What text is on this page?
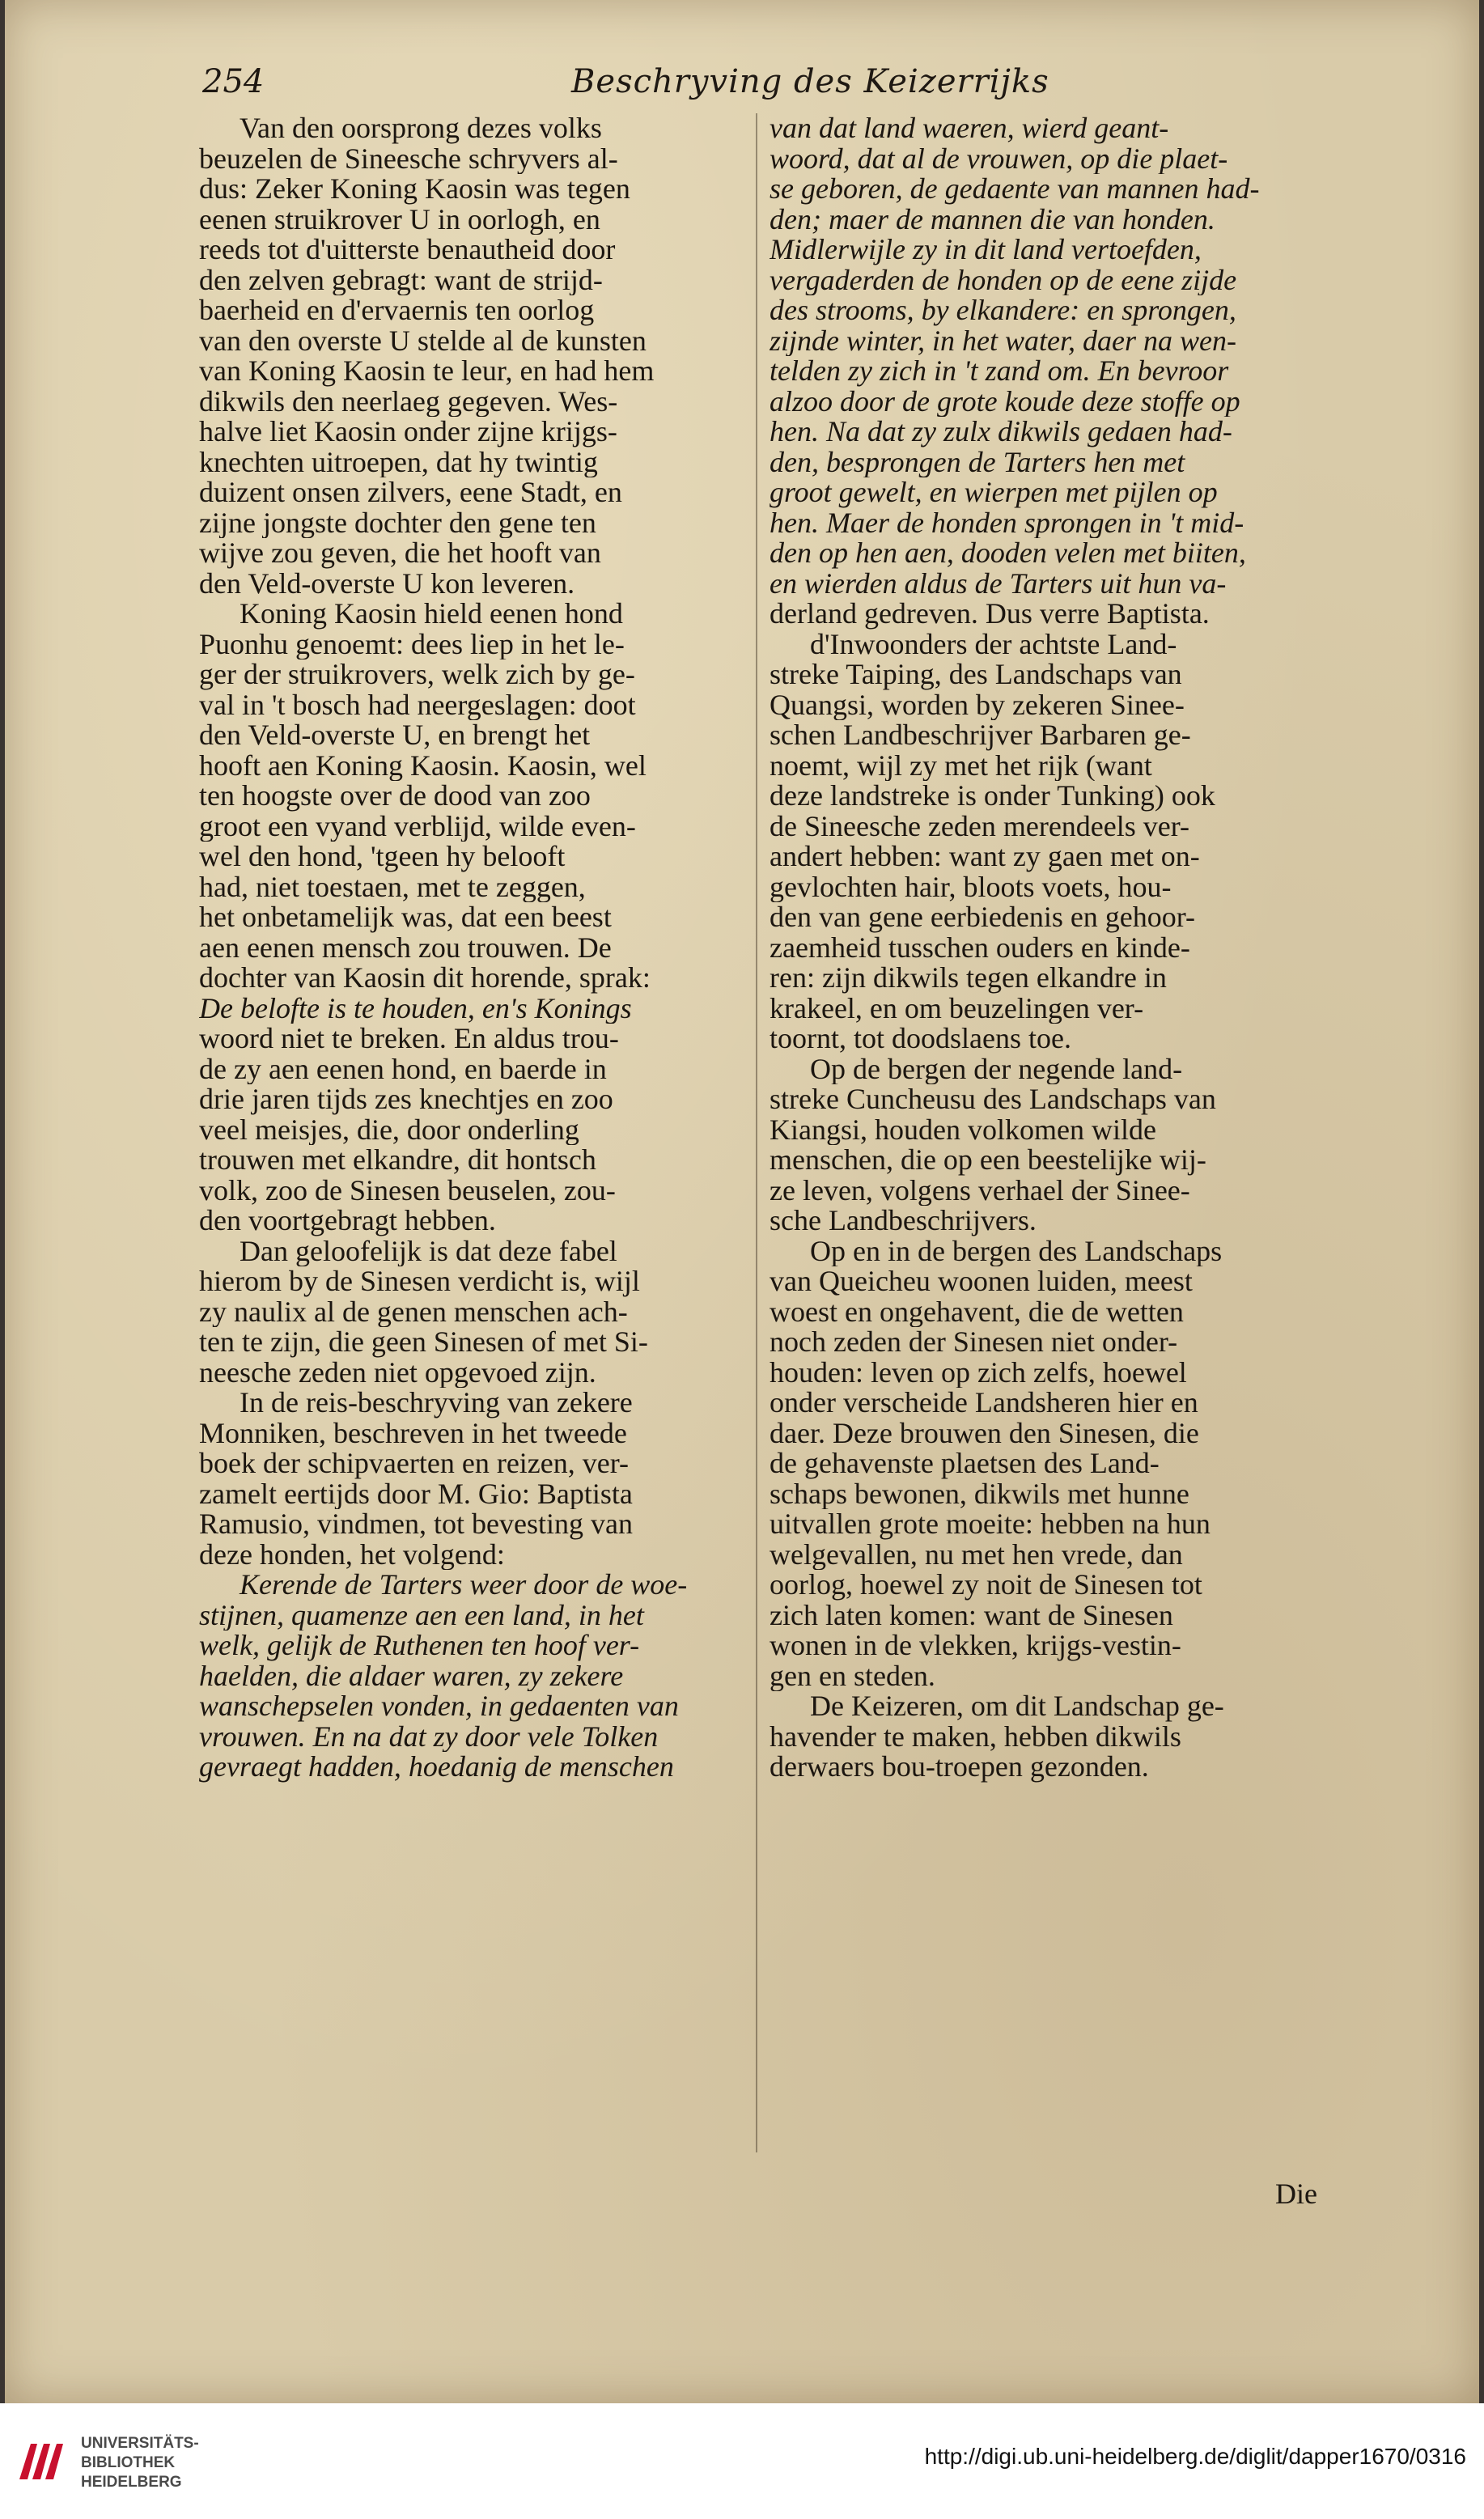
254	Beschryving des Keizerrijks
Van den oorsprong dezes volks
beuzelen de Sineesche schryvers al-
dus: Zeker Koning Kaosin was tegen
eenen struikrover U in oorlogh, en
reeds tot d'uitterste benautheid door
den zelven gebragt: want de strijd-
baerheid en d'ervaernis ten oorlog
van den overste U stelde al de kunsten
van Koning Kaosin te leur, en had hem
dikwils den neerlaeg gegeven. Wes-
halve liet Kaosin onder zijne krijgs-
knechten uitroepen, dat hy twintig
duizent onsen zilvers, eene Stadt, en
zijne jongste dochter den gene ten
wijve zou geven, die het hooft van
den Veld-overste U kon leveren.
Koning Kaosin hield eenen hond
Puonhu genoemt: dees liep in het le-
ger der struikrovers, welk zich by ge-
val in 't bosch had neergeslagen: doot
den Veld-overste U, en brengt het
hooft aen Koning Kaosin. Kaosin, wel
ten hoogste over de dood van zoo
groot een vyand verblijd, wilde even-
wel den hond, 'tgeen hy belooft
had, niet toestaen, met te zeggen,
het onbetamelijk was, dat een beest
aen eenen mensch zou trouwen. De
dochter van Kaosin dit horende, sprak:
De belofte is te houden, en's Konings
woord niet te breken. En aldus trou-
de zy aen eenen hond, en baerde in
drie jaren tijds zes knechtjes en zoo
veel meisjes, die, door onderling
trouwen met elkandre, dit hontsch
volk, zoo de Sinesen beuselen, zou-
den voortgebragt hebben.
Dan geloofelijk is dat deze fabel
hierom by de Sinesen verdicht is, wijl
zy naulix al de genen menschen ach-
ten te zijn, die geen Sinesen of met Si-
neesche zeden niet opgevoed zijn.
In de reis-beschryving van zekere
Monniken, beschreven in het tweede
boek der schipvaerten en reizen, ver-
zamelt eertijds door M. Gio: Baptista
Ramusio, vindmen, tot bevesting van
deze honden, het volgend:
Kerende de Tarters weer door de woe-
stijnen, quamenze aen een land, in het
welk, gelijk de Ruthenen ten hoof ver-
haelden, die aldaer waren, zy zekere
wanschepselen vonden, in gedaenten van
vrouwen. En na dat zy door vele Tolken
gevraegt hadden, hoedanig de menschen
van dat land waeren, wierd geant-
woord, dat al de vrouwen, op die plaet-
se geboren, de gedaente van mannen had-
den; maer de mannen die van honden.
Midlerwijle zy in dit land vertoefden,
vergaderden de honden op de eene zijde
des strooms, by elkandere: en sprongen,
zijnde winter, in het water, daer na wen-
telden zy zich in 't zand om. En bevroor
alzoo door de grote koude deze stoffe op
hen. Na dat zy zulx dikwils gedaen had-
den, besprongen de Tarters hen met
groot gewelt, en wierpen met pijlen op
hen. Maer de honden sprongen in 't mid-
den op hen aen, dooden velen met biiten,
en wierden aldus de Tarters uit hun va-
derland gedreven. Dus verre Baptista.
d'Inwoonders der achtste Land-
streke Taiping, des Landschaps van
Quangsi, worden by zekeren Sinee-
schen Landbeschrijver Barbaren ge-
noemt, wijl zy met het rijk (want
deze landstreke is onder Tunking) ook
de Sineesche zeden merendeels ver-
andert hebben: want zy gaen met on-
gevlochten hair, bloots voets, hou-
den van gene eerbiedenis en gehoor-
zaemheid tusschen ouders en kinde-
ren: zijn dikwils tegen elkandre in
krakeel, en om beuzelingen ver-
toornt, tot doodslaens toe.
Op de bergen der negende land-
streke Cuncheusu des Landschaps van
Kiangsi, houden volkomen wilde
menschen, die op een beestelijke wij-
ze leven, volgens verhael der Sinee-
sche Landbeschrijvers.
Op en in de bergen des Landschaps
van Queicheu woonen luiden, meest
woest en ongehavent, die de wetten
noch zeden der Sinesen niet onder-
houden: leven op zich zelfs, hoewel
onder verscheide Landsheren hier en
daer. Deze brouwen den Sinesen, die
de gehavenste plaetsen des Land-
schaps bewonen, dikwils met hunne
uitvallen grote moeite: hebben na hun
welgevallen, nu met hen vrede, dan
oorlog, hoewel zy noit de Sinesen tot
zich laten komen: want de Sinesen
wonen in de vlekken, krijgs-vestin-
gen en steden.
De Keizeren, om dit Landschap ge-
havender te maken, hebben dikwils
derwaers bou-troepen gezonden.
Die
UNIVERSITÄTS-
BIBLIOTHEK
HEIDELBERG
http://digi.ub.uni-heidelberg.de/diglit/dapper1670/0316
